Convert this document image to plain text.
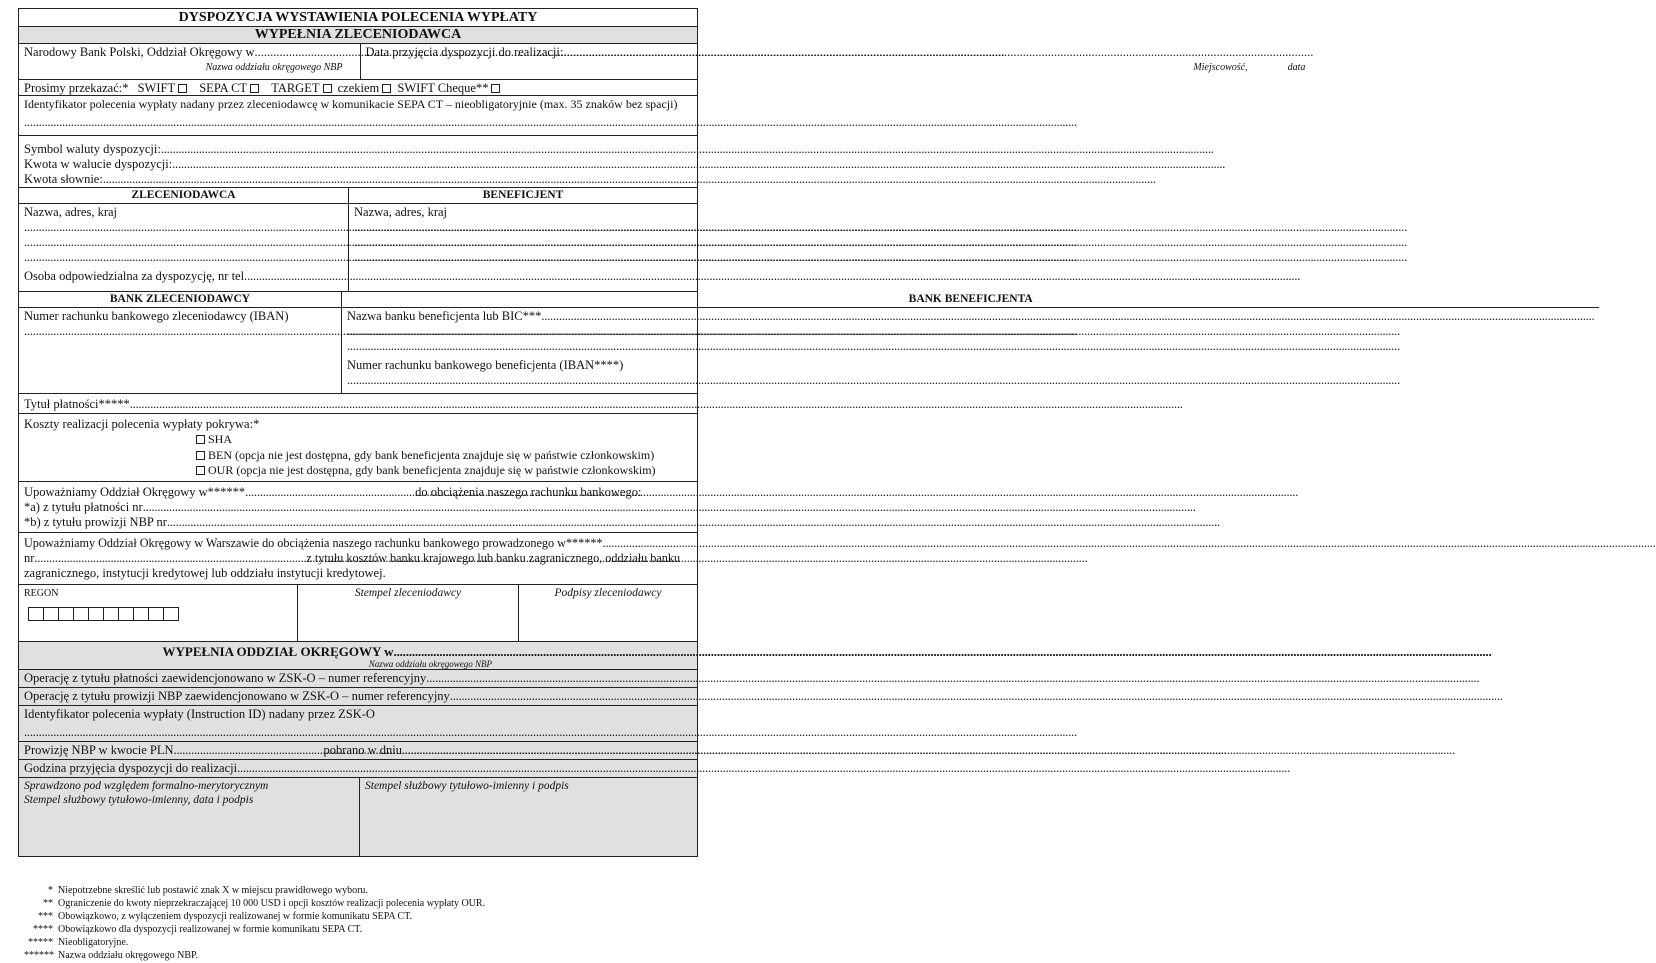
DYSPOZYCJA WYSTAWIENIA POLECENIA WYPŁATY
WYPEŁNIA ZLECENIODAWCA
Narodowy Bank Polski, Oddział Okręgowy w
.....
Nazwa oddziału okręgowego NBP
Data przyjęcia dyspozycji do realizacji:
.....
Miejscowość,	data
Prosimy przekazać:* SWIFT SEPA CT TARGET czekiem SWIFT Cheque**
Identyfikator polecenia wypłaty nadany przez zleceniodawcę w komunikacie SEPA CT – nieobligatoryjnie (max. 35 znaków bez spacji)
.....
Symbol waluty dyspozycji:
.....
Kwota w walucie dyspozycji:
.....
Kwota słownie:
.....
ZLECENIODAWCA
Nazwa, adres, kraj
.....
.....
.....
Osoba odpowiedzialna za dyspozycję, nr tel.
.....
BENEFICJENT
Nazwa, adres, kraj
.....
.....
.....
BANK ZLECENIODAWCY
Numer rachunku bankowego zleceniodawcy (IBAN)
.....
BANK BENEFICJENTA
Nazwa banku beneficjenta lub BIC***
.....
.....
.....
Numer rachunku bankowego beneficjenta (IBAN****)
.....
Tytuł płatności*****
.....
Koszty realizacji polecenia wypłaty pokrywa:*
SHA
BEN (opcja nie jest dostępna, gdy bank beneficjenta znajduje się w państwie członkowskim)
OUR (opcja nie jest dostępna, gdy bank beneficjenta znajduje się w państwie członkowskim)
Upoważniamy Oddział Okręgowy w****** .....	do obciążenia naszego rachunku bankowego:
*a) z tytułu płatności nr
.....
*b) z tytułu prowizji NBP nr
.....
Upoważniamy Oddział Okręgowy w Warszawie do obciążenia naszego rachunku bankowego prowadzonego w******
.....
nr .....	z tytułu kosztów banku krajowego lub banku zagranicznego, oddziału banku
zagranicznego, instytucji kredytowej lub oddziału instytucji kredytowej.
REGON	Stempel zleceniodawcy	Podpisy zleceniodawcy
WYPEŁNIA ODDZIAŁ OKRĘGOWY w
.....
Nazwa oddziału okręgowego NBP
Operację z tytułu płatności zaewidencjonowano w ZSK-O – numer referencyjny
.....
Operację z tytułu prowizji NBP zaewidencjonowano w ZSK-O – numer referencyjny
.....
Identyfikator polecenia wypłaty (Instruction ID) nadany przez ZSK-O
.....
Prowizję NBP w kwocie PLN .....	pobrano w dniu
.....
Godzina przyjęcia dyspozycji do realizacji
.....
Sprawdzono pod względem formalno-merytorycznym
Stempel służbowy tytułowo-imienny, data i podpis
Stempel służbowy tytułowo-imienny i podpis
* Niepotrzebne skreślić lub postawić znak X w miejscu prawidłowego wyboru.
** Ograniczenie do kwoty nieprzekraczającej 10 000 USD i opcji kosztów realizacji polecenia wypłaty OUR.
*** Obowiązkowo, z wyłączeniem dyspozycji realizowanej w formie komunikatu SEPA CT.
**** Obowiązkowo dla dyspozycji realizowanej w formie komunikatu SEPA CT.
***** Nieobligatoryjne.
****** Nazwa oddziału okręgowego NBP.
